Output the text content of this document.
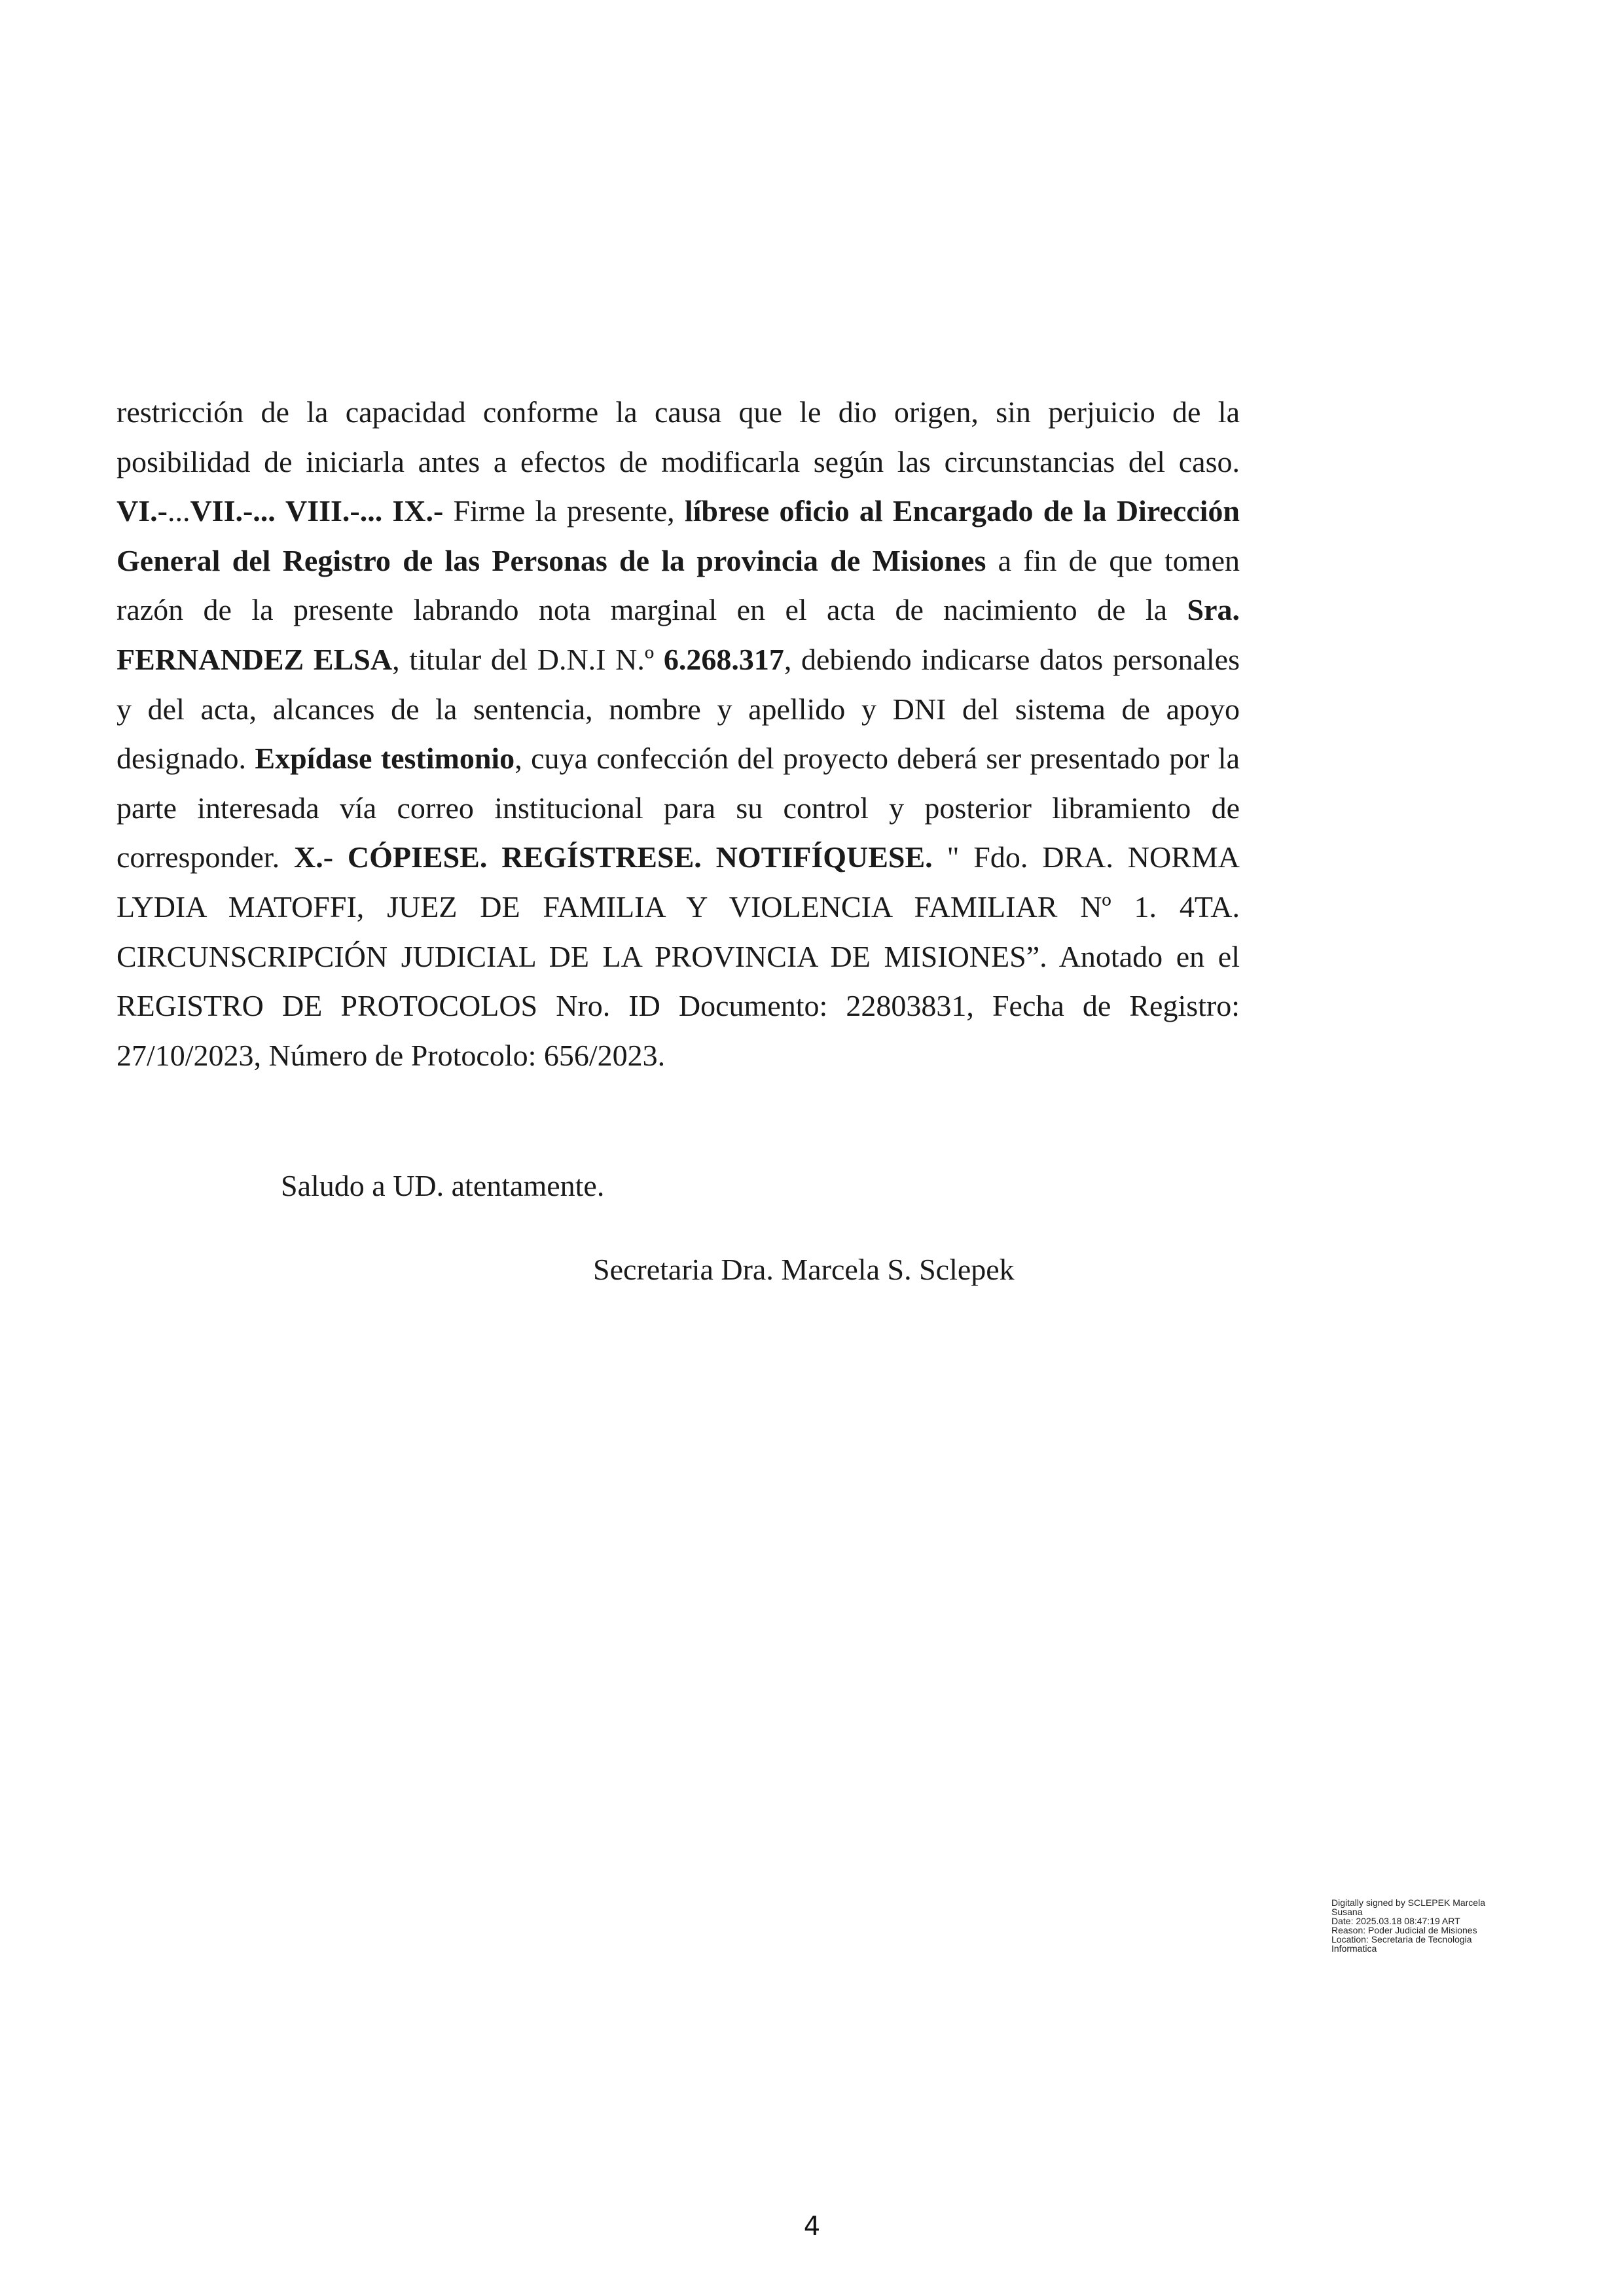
restricción de la capacidad conforme la causa que le dio origen, sin perjuicio de la posibilidad de iniciarla antes a efectos de modificarla según las circunstancias del caso. VI.-...VII.-... VIII.-... IX.- Firme la presente, líbrese oficio al Encargado de la Dirección General del Registro de las Personas de la provincia de Misiones a fin de que tomen razón de la presente labrando nota marginal en el acta de nacimiento de la Sra. FERNANDEZ ELSA, titular del D.N.I N.º 6.268.317, debiendo indicarse datos personales y del acta, alcances de la sentencia, nombre y apellido y DNI del sistema de apoyo designado. Expídase testimonio, cuya confección del proyecto deberá ser presentado por la parte interesada vía correo institucional para su control y posterior libramiento de corresponder. X.- CÓPIESE. REGÍSTRESE. NOTIFÍQUESE. " Fdo. DRA. NORMA LYDIA MATOFFI, JUEZ DE FAMILIA Y VIOLENCIA FAMILIAR Nº 1. 4TA. CIRCUNSCRIPCIÓN JUDICIAL DE LA PROVINCIA DE MISIONES”. Anotado en el REGISTRO DE PROTOCOLOS Nro. ID Documento: 22803831, Fecha de Registro: 27/10/2023, Número de Protocolo: 656/2023.

Saludo a UD. atentamente.

Secretaria Dra. Marcela S. Sclepek

Digitally signed by SCLEPEK Marcela
Susana
Date: 2025.03.18 08:47:19 ART
Reason: Poder Judicial de Misiones
Location: Secretaria de Tecnologia
Informatica
4
